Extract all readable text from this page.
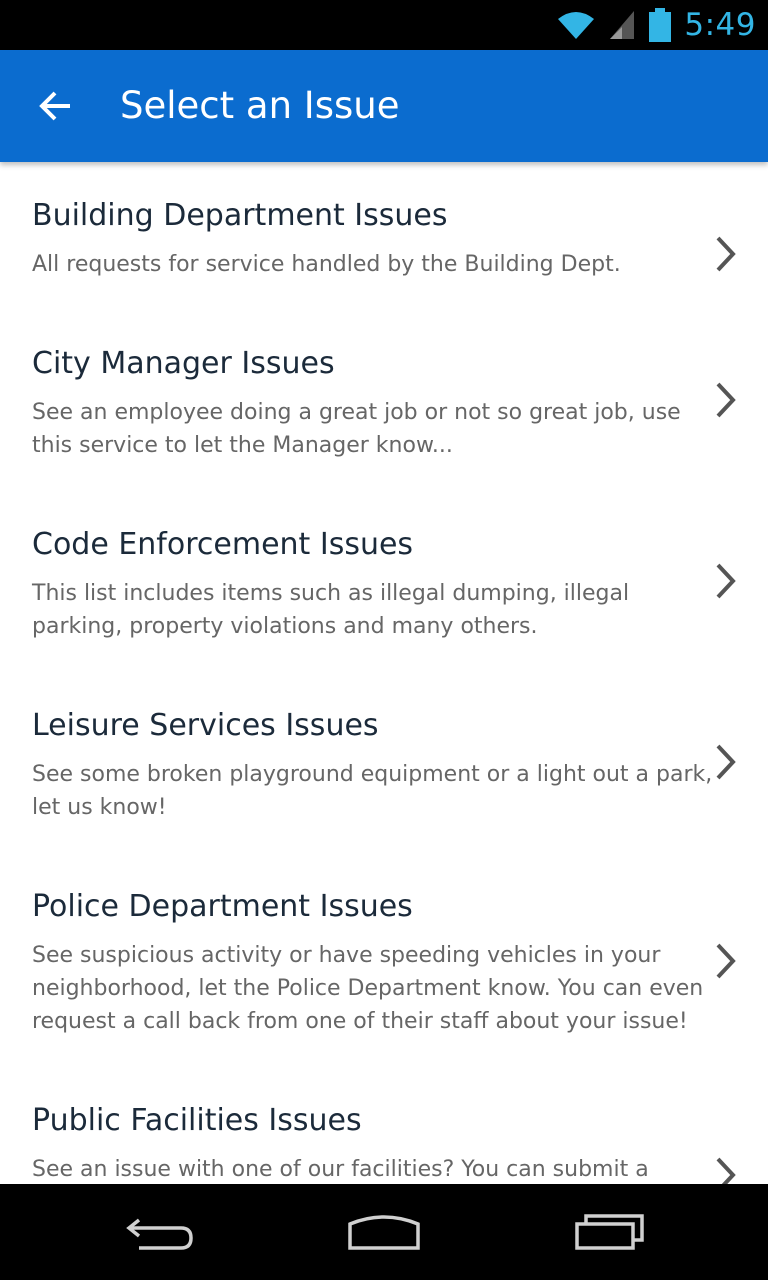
5:49
Select an Issue
Building Department Issues
All requests for service handled by the Building Dept.
City Manager Issues
See an employee doing a great job or not so great job, use this service to let the Manager know...
Code Enforcement Issues
This list includes items such as illegal dumping, illegal parking, property violations and many others.
Leisure Services Issues
See some broken playground equipment or a light out a park, let us know!
Police Department Issues
See suspicious activity or have speeding vehicles in your neighborhood, let the Police Department know. You can even request a call back from one of their staff about your issue!
Public Facilities Issues
See an issue with one of our facilities? You can submit a
